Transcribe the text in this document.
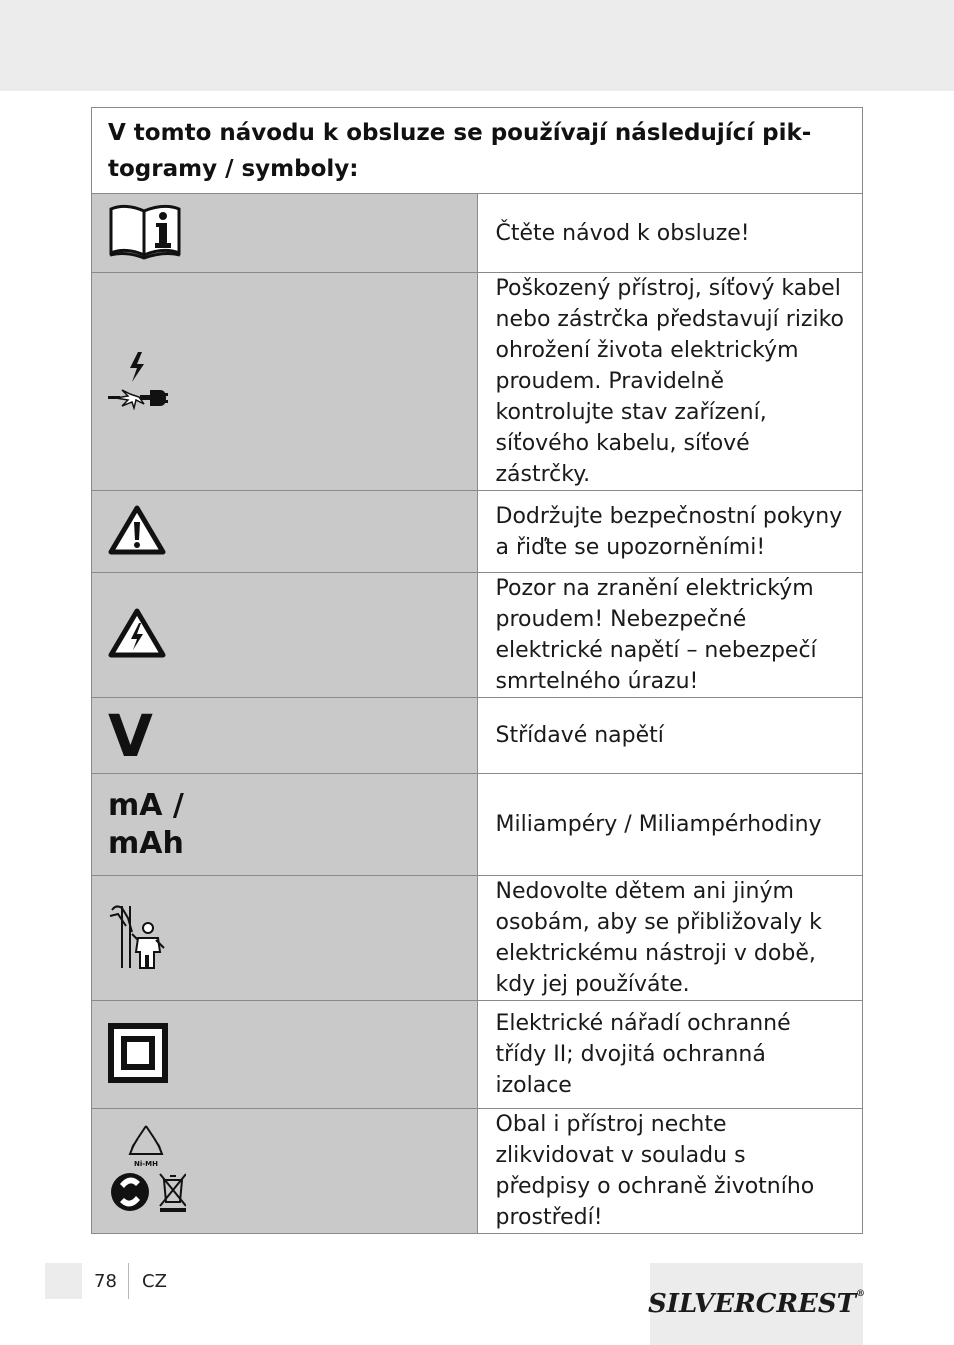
V tomto návodu k obsluze se používají následující pik-
togramy / symboly:	
	Čtěte návod k obsluze!
	Poškozený přístroj, síťový kabel nebo zástrčka představují riziko ohrožení života elektrickým proudem. Pravidelně kontrolujte stav zařízení, síťového kabelu, síťové zástrčky.
	Dodržujte bezpečnostní pokyny a řiďte se upozorněními!
	Pozor na zranění elektrickým proudem! Nebezpečné elektrické napětí – nebezpečí smrtelného úrazu!
V	Střídavé napětí

mA /
mAh	Miliampéry / Miliampérhodiny
	Nedovolte dětem ani jiným osobám, aby se přibližovaly k elektrickému nástroji v době, kdy jej používáte.
	Elektrické nářadí ochranné třídy II; dvojitá ochranná izolace

Ni-MH	Obal i přístroj nechte zlikvidovat v souladu s předpisy o ochraně životního prostředí!
78 CZ
SILVERCREST®
